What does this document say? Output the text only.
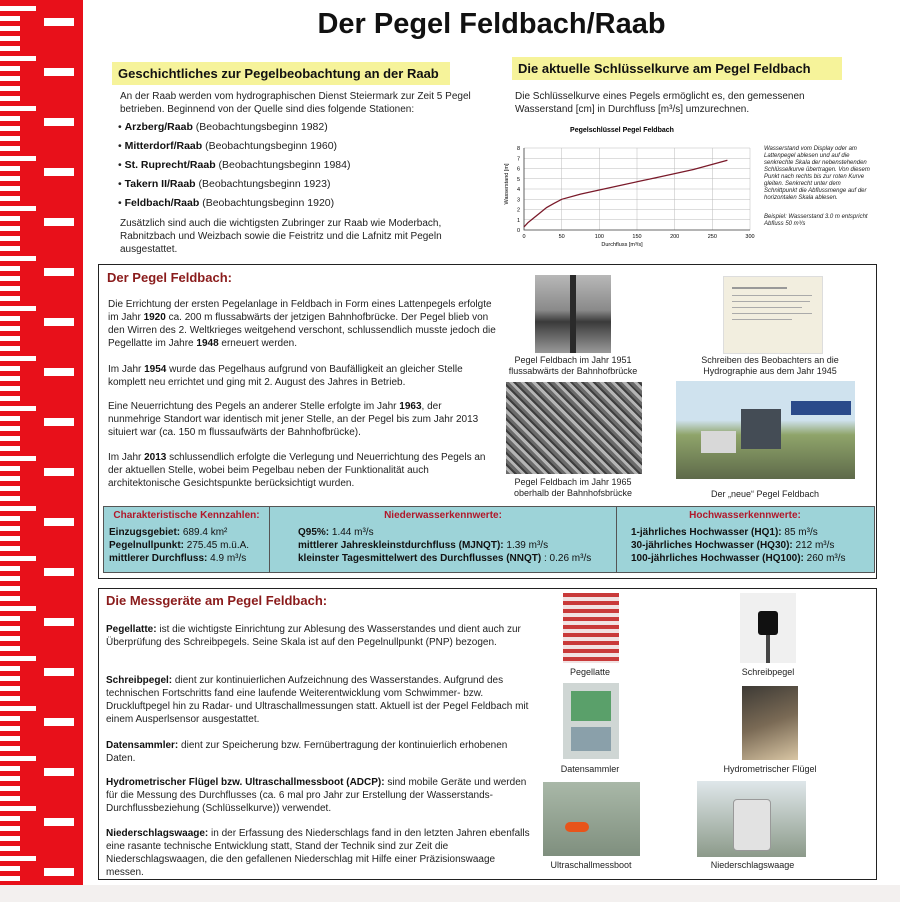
Der Pegel Feldbach/Raab
Geschichtliches zur Pegelbeobachtung an der Raab
An der Raab werden vom hydrographischen Dienst Steiermark zur Zeit 5 Pegel betrieben. Beginnend von der Quelle sind dies folgende Stationen:
• Arzberg/Raab (Beobachtungsbeginn 1982)
• Mitterdorf/Raab (Beobachtungsbeginn 1960)
• St. Ruprecht/Raab (Beobachtungsbeginn 1984)
• Takern II/Raab (Beobachtungsbeginn 1923)
• Feldbach/Raab (Beobachtungsbeginn 1920)
Zusätzlich sind auch die wichtigsten Zubringer zur Raab wie Moderbach, Rabnitzbach und Weizbach sowie die Feistritz und die Lafnitz mit Pegeln ausgestattet.
Die aktuelle Schlüsselkurve am Pegel Feldbach
Die Schlüsselkurve eines Pegels ermöglicht es, den gemessenen Wasserstand [cm] in Durchfluss [m³/s] umzurechnen.
Pegelschlüssel Pegel Feldbach
0
1
2
3
4
5
6
7
8
0	50	100	150	200	250	300
Durchfluss [m³/s]
Wasserstand [m]
Wasserstand vom Display oder am Lattenpegel ablesen und auf die senkrechte Skala der nebenstehenden Schlüsselkurve übertragen. Von diesem Punkt nach rechts bis zur roten Kurve gleiten. Senkrecht unter dem Schnittpunkt die Abflussmenge auf der horizontalen Skala ablesen.
Beispiel: Wasserstand 3.0 m entspricht Abfluss 50 m³/s
Der Pegel Feldbach:
Die Errichtung der ersten Pegelanlage in Feldbach in Form eines Lattenpegels erfolgte im Jahr 1920 ca. 200 m flussabwärts der jetzigen Bahnhofbrücke. Der Pegel blieb von den Wirren des 2. Weltkrieges weitgehend verschont, schlussendlich musste jedoch die Pegellatte im Jahre 1948 erneuert werden.
Im Jahr 1954 wurde das Pegelhaus aufgrund von Baufälligkeit an gleicher Stelle komplett neu errichtet und ging mit 2. August des Jahres in Betrieb.
Eine Neuerrichtung des Pegels an anderer Stelle erfolgte im Jahr 1963, der nunmehrige Standort war identisch mit jener Stelle, an der Pegel bis zum Jahr 2013 situiert war (ca. 150 m flussaufwärts der Bahnhofbrücke).
Im Jahr 2013 schlussendlich erfolgte die Verlegung und Neuerrichtung des Pegels an der aktuellen Stelle, wobei beim Pegelbau neben der Funktionalität auch architektonische Gesichtspunkte berücksichtigt wurden.
Pegel Feldbach im Jahr 1951 flussabwärts der Bahnhofbrücke
Schreiben des Beobachters an die Hydrographie aus dem Jahr 1945
Pegel Feldbach im Jahr 1965 oberhalb der Bahnhofsbrücke	Der „neue“ Pegel Feldbach
Charakteristische Kennzahlen:
Einzugsgebiet: 689.4 km²
Pegelnullpunkt: 275.45 m.ü.A.
mittlerer Durchfluss: 4.9 m³/s
Niederwasserkennwerte:
Q95%: 1.44 m³/s
mittlerer Jahreskleinstdurchfluss (MJNQT): 1.39 m³/s
kleinster Tagesmittelwert des Durchflusses (NNQT) : 0.26 m³/s
Hochwasserkennwerte:
1-jährliches Hochwasser (HQ1): 85 m³/s
30-jährliches Hochwasser (HQ30): 212 m³/s
100-jährliches Hochwasser (HQ100): 260 m³/s
Die Messgeräte am Pegel Feldbach:
Pegellatte: ist die wichtigste Einrichtung zur Ablesung des Wasserstandes und dient auch zur Überprüfung des Schreibpegels. Seine Skala ist auf den Pegelnullpunkt (PNP) bezogen.
Schreibpegel: dient zur kontinuierlichen Aufzeichnung des Wasserstandes. Aufgrund des technischen Fortschritts fand eine laufende Weiterentwicklung vom Schwimmer- bzw. Druckluftpegel hin zu Radar- und Ultraschallmessungen statt. Aktuell ist der Pegel Feldbach mit einem Ausperlsensor ausgestattet.
Datensammler: dient zur Speicherung bzw. Fernübertragung der kontinuierlich erhobenen Daten.
Hydrometrischer Flügel bzw. Ultraschallmessboot (ADCP): sind mobile Geräte und werden für die Messung des Durchflusses (ca. 6 mal pro Jahr zur Erstellung der Wasserstands- Durchflussbeziehung (Schlüsselkurve)) verwendet.
Niederschlagswaage: in der Erfassung des Niederschlags fand in den letzten Jahren ebenfalls eine rasante technische Entwicklung statt, Stand der Technik sind zur Zeit die Niederschlagswaagen, die den gefallenen Niederschlag mit Hilfe einer Präzisionswaage messen.
Pegellatte	Schreibpegel
Datensammler	Hydrometrischer Flügel
Ultraschallmessboot	Niederschlagswaage
